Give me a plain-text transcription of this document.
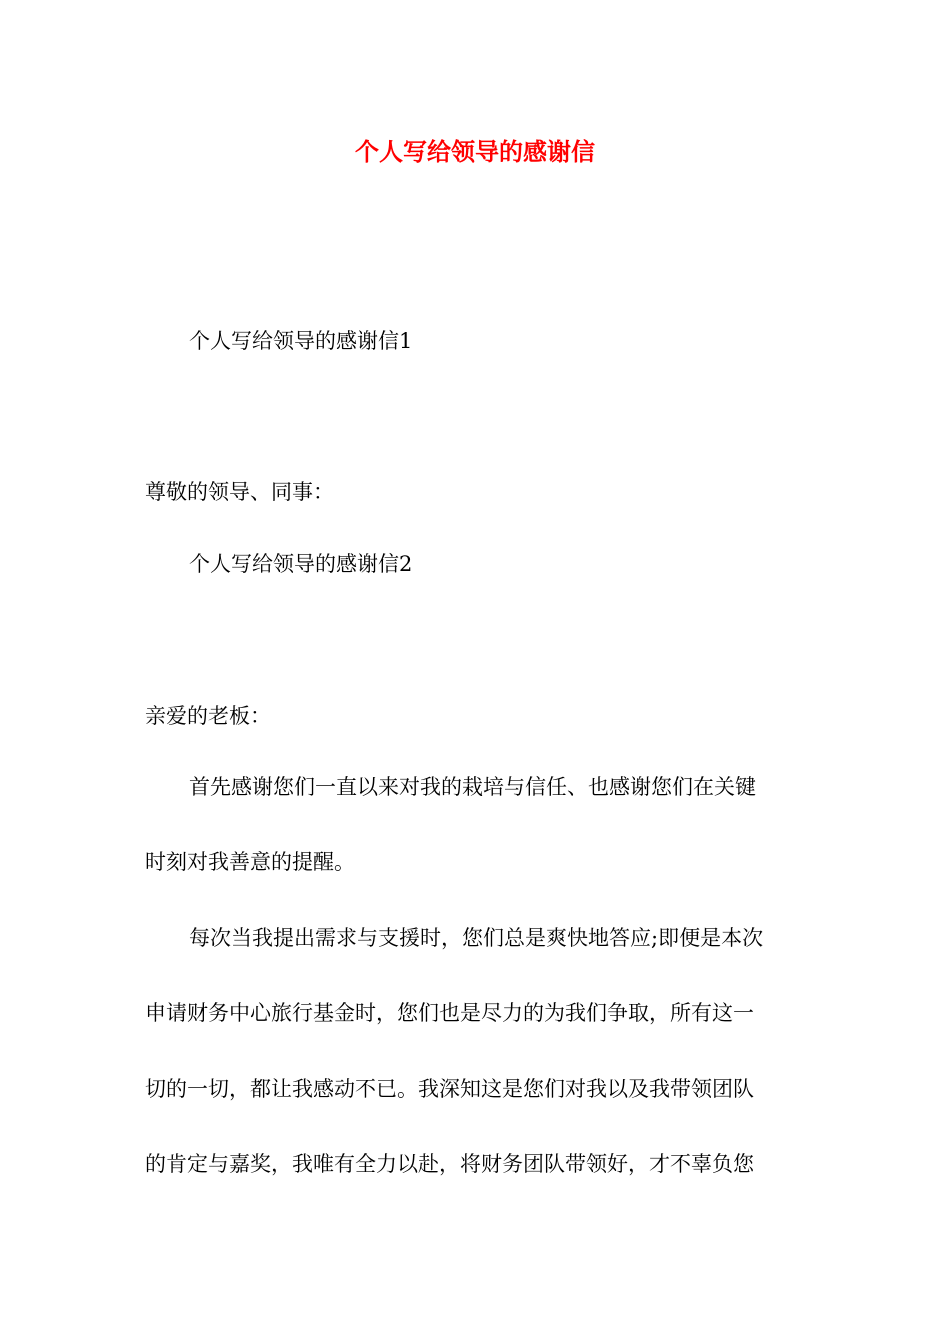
个人写给领导的感谢信

个人写给领导的感谢信1

尊敬的领导、同事：

个人写给领导的感谢信2

亲爱的老板：

首先感谢您们一直以来对我的栽培与信任、也感谢您们在关键

时刻对我善意的提醒。

每次当我提出需求与支援时，您们总是爽快地答应;即便是本次

申请财务中心旅行基金时，您们也是尽力的为我们争取，所有这一

切的一切，都让我感动不已。我深知这是您们对我以及我带领团队

的肯定与嘉奖，我唯有全力以赴，将财务团队带领好，才不辜负您
